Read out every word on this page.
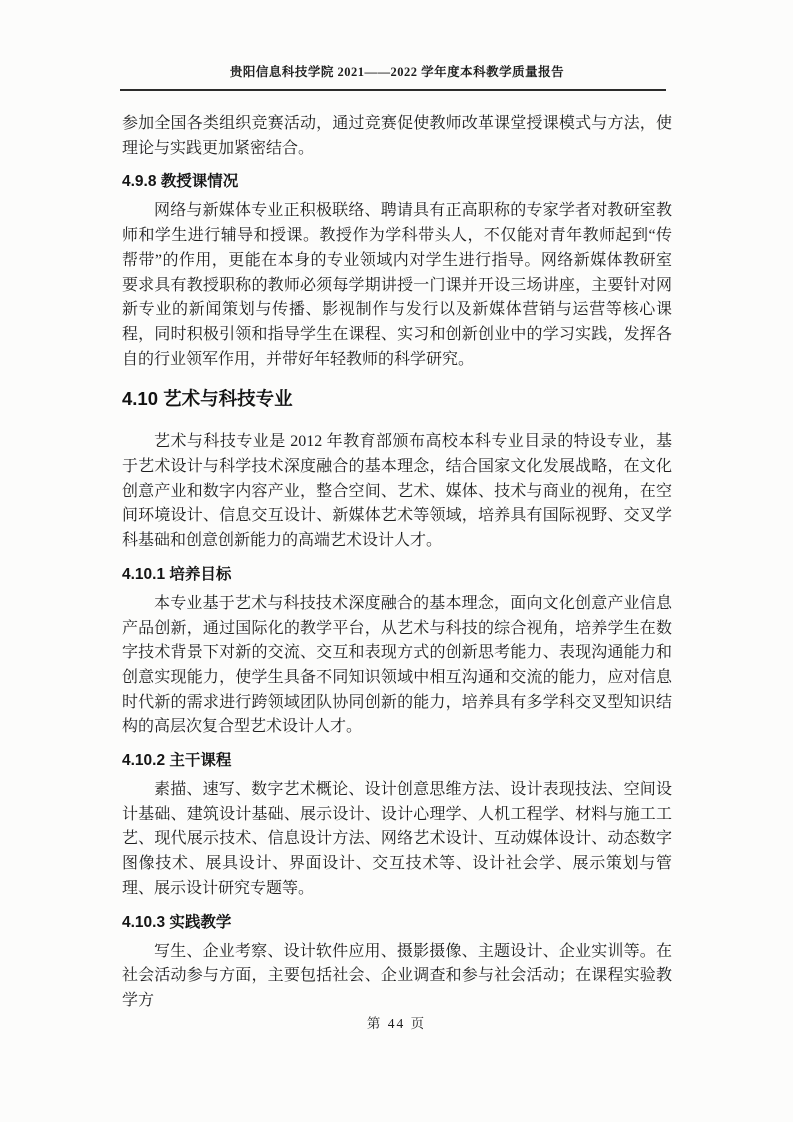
贵阳信息科技学院 2021——2022 学年度本科教学质量报告

参加全国各类组织竞赛活动，通过竞赛促使教师改革课堂授课模式与方法，使理论与实践更加紧密结合。

4.9.8 教授课情况

网络与新媒体专业正积极联络、聘请具有正高职称的专家学者对教研室教师和学生进行辅导和授课。教授作为学科带头人，不仅能对青年教师起到“传帮带”的作用，更能在本身的专业领域内对学生进行指导。网络新媒体教研室要求具有教授职称的教师必须每学期讲授一门课并开设三场讲座，主要针对网新专业的新闻策划与传播、影视制作与发行以及新媒体营销与运营等核心课程，同时积极引领和指导学生在课程、实习和创新创业中的学习实践，发挥各自的行业领军作用，并带好年轻教师的科学研究。

4.10 艺术与科技专业

艺术与科技专业是 2012 年教育部颁布高校本科专业目录的特设专业，基于艺术设计与科学技术深度融合的基本理念，结合国家文化发展战略，在文化创意产业和数字内容产业，整合空间、艺术、媒体、技术与商业的视角，在空间环境设计、信息交互设计、新媒体艺术等领域，培养具有国际视野、交叉学科基础和创意创新能力的高端艺术设计人才。

4.10.1 培养目标

本专业基于艺术与科技技术深度融合的基本理念，面向文化创意产业信息产品创新，通过国际化的教学平台，从艺术与科技的综合视角，培养学生在数字技术背景下对新的交流、交互和表现方式的创新思考能力、表现沟通能力和创意实现能力，使学生具备不同知识领域中相互沟通和交流的能力，应对信息时代新的需求进行跨领域团队协同创新的能力，培养具有多学科交叉型知识结构的高层次复合型艺术设计人才。

4.10.2 主干课程

素描、速写、数字艺术概论、设计创意思维方法、设计表现技法、空间设计基础、建筑设计基础、展示设计、设计心理学、人机工程学、材料与施工工艺、现代展示技术、信息设计方法、网络艺术设计、互动媒体设计、动态数字图像技术、展具设计、界面设计、交互技术等、设计社会学、展示策划与管理、展示设计研究专题等。

4.10.3 实践教学

写生、企业考察、设计软件应用、摄影摄像、主题设计、企业实训等。在社会活动参与方面，主要包括社会、企业调查和参与社会活动；在课程实验教学方

第 44 页
